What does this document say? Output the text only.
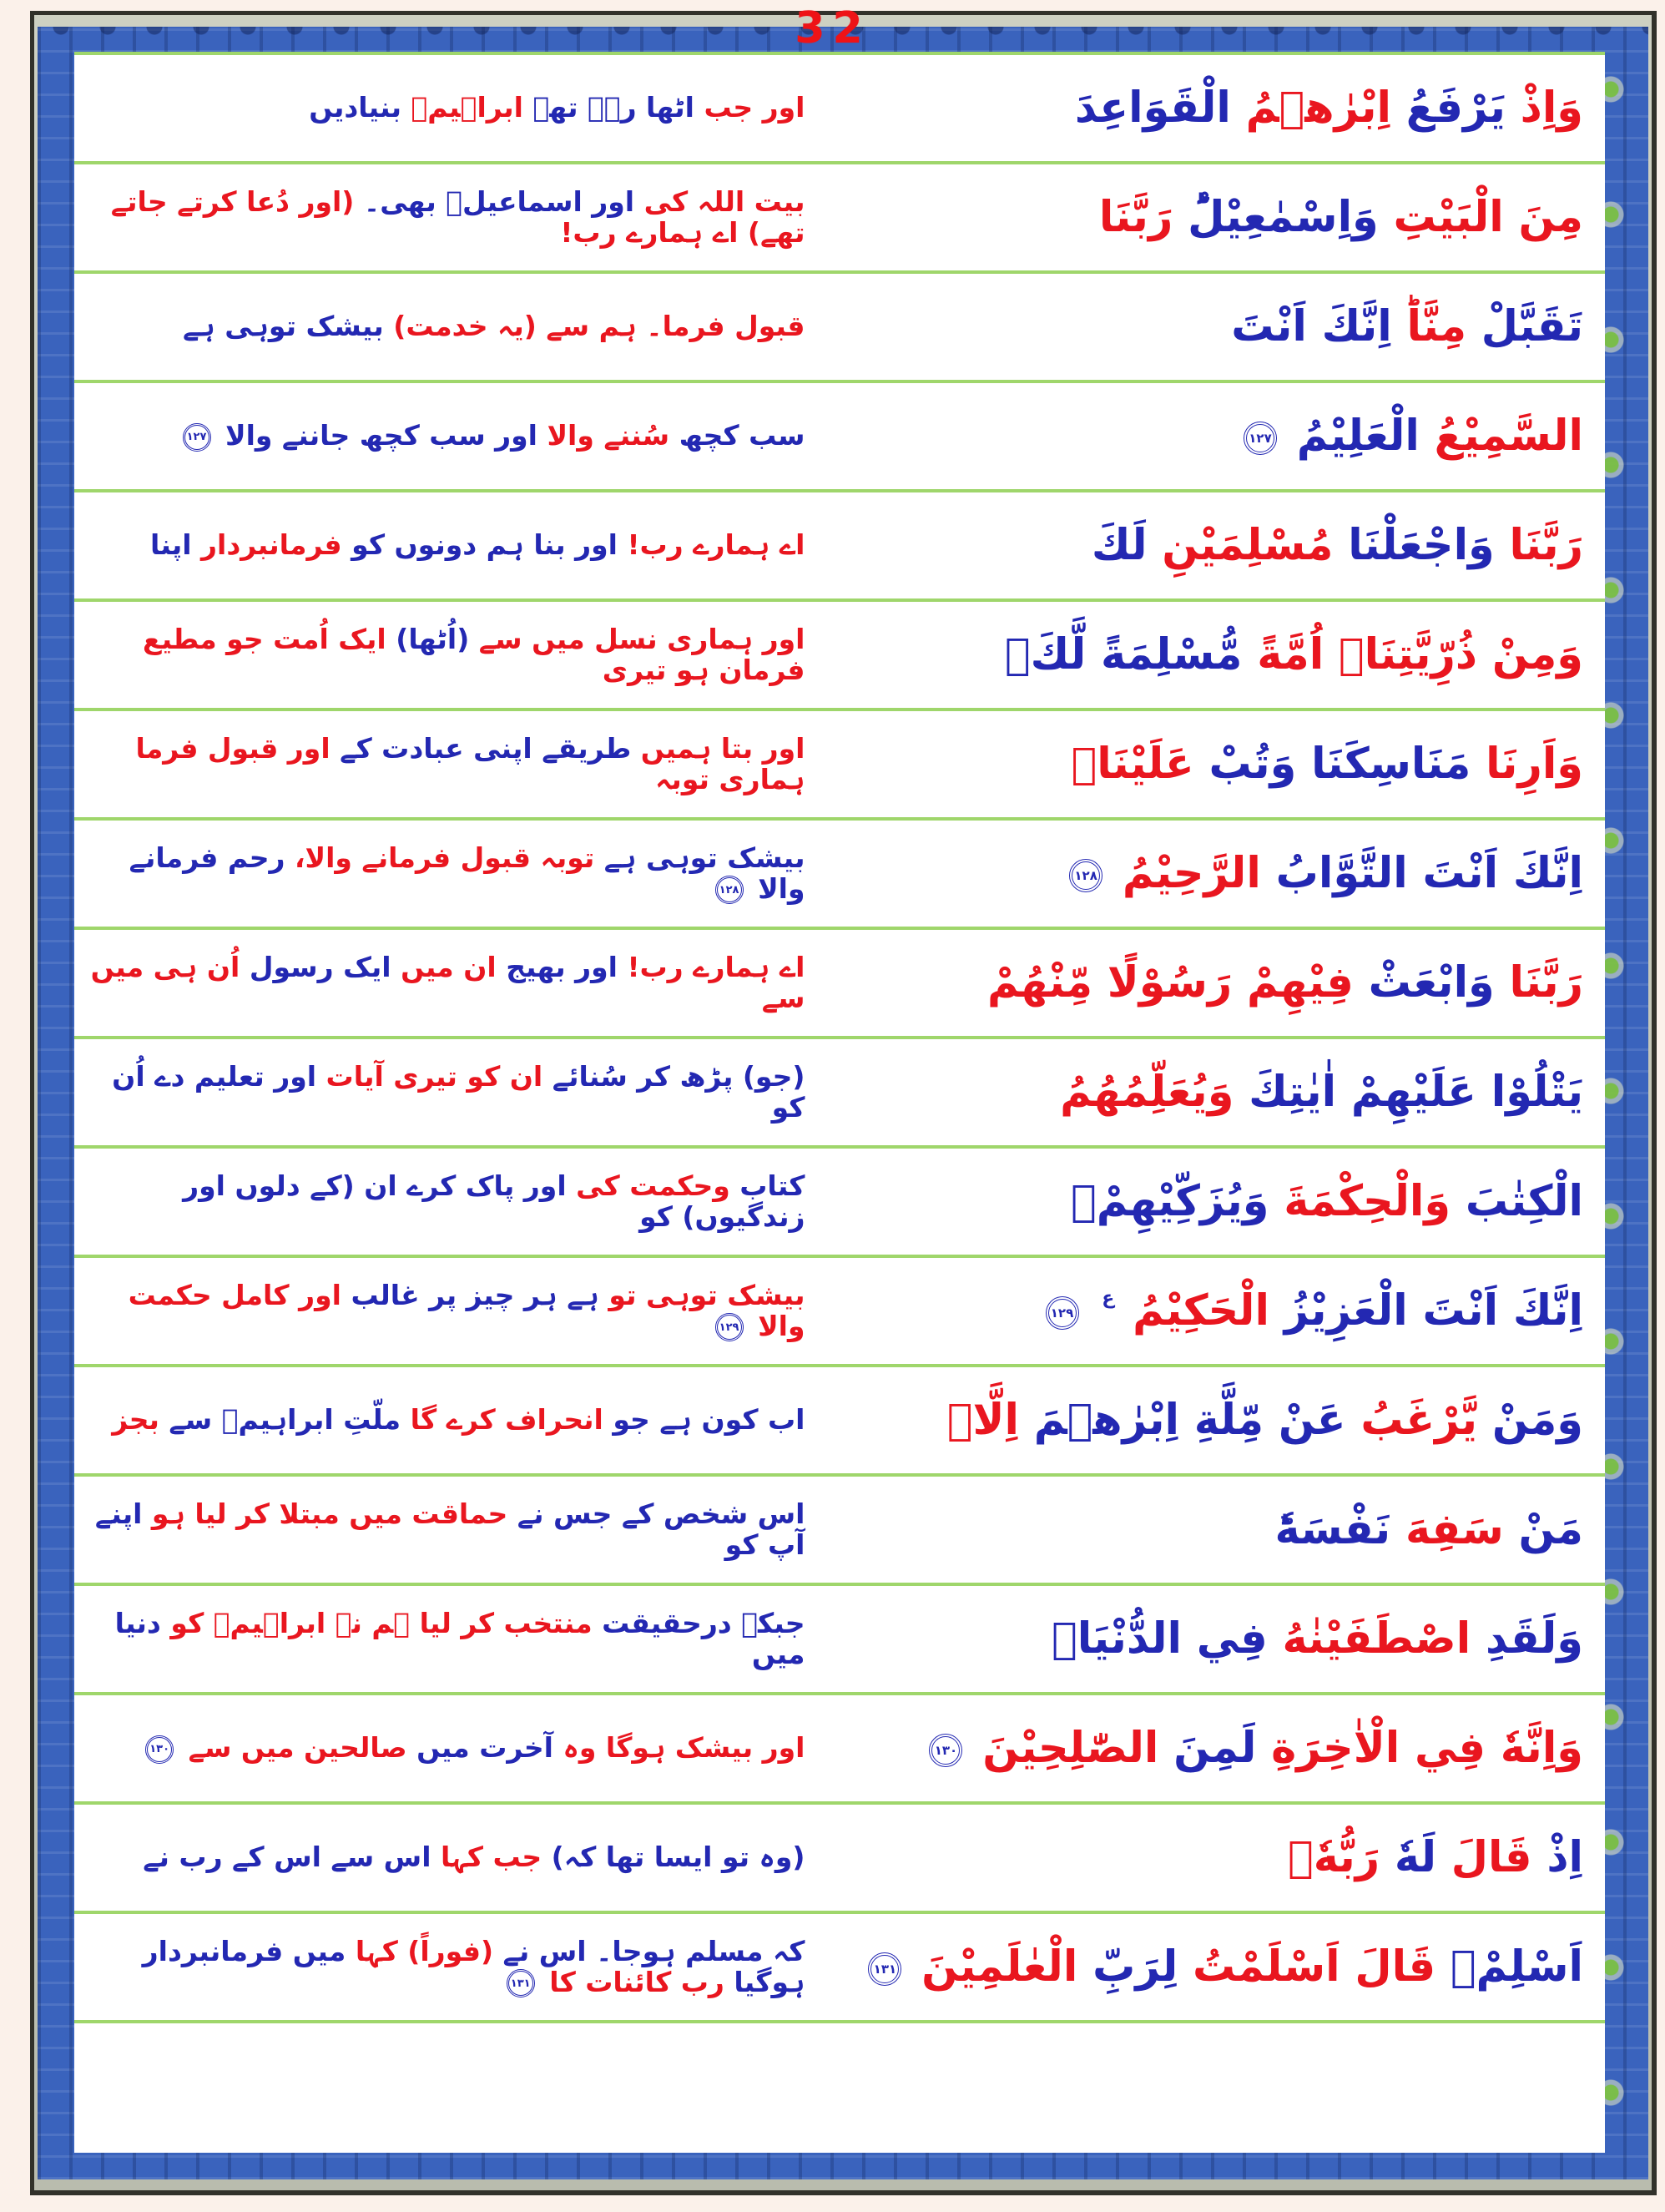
32
اور جب اٹھا رہے تھے ابراہیمؑ بنیادیں	وَاِذْ يَرْفَعُ اِبْرٰهٖمُ الْقَوَاعِدَ
بیت اللہ کی اور اسماعیلؑ بھی۔ (اور دُعا کرتے جاتے تھے) اے ہمارے رب!	مِنَ الْبَيْتِ وَاِسْمٰعِيْلُؕ رَبَّنَا
قبول فرما۔ ہم سے (یہ خدمت) بیشک توہی ہے	تَقَبَّلْ مِنَّاؕ اِنَّكَ اَنْتَ
سب کچھ سُننے والا اور سب کچھ جاننے والا ۱۲۷	السَّمِيْعُ الْعَلِيْمُ ۱۲۷
اے ہمارے رب! اور بنا ہم دونوں کو فرمانبردار اپنا	رَبَّنَا وَاجْعَلْنَا مُسْلِمَيْنِ لَكَ
اور ہماری نسل میں سے (اُٹھا) ایک اُمت جو مطیع فرمان ہو تیری	وَمِنْ ذُرِّيَّتِنَاۤ اُمَّةً مُّسْلِمَةً لَّكَ۪
اور بتا ہمیں طریقے اپنی عبادت کے اور قبول فرما ہماری توبہ	وَاَرِنَا مَنَاسِكَنَا وَتُبْ عَلَيْنَاۚ
بیشک توہی ہے توبہ قبول فرمانے والا، رحم فرمانے والا ۱۲۸	اِنَّكَ اَنْتَ التَّوَّابُ الرَّحِيْمُ ۱۲۸
اے ہمارے رب! اور بھیج ان میں ایک رسول اُن ہی میں سے	رَبَّنَا وَابْعَثْ فِيْهِمْ رَسُوْلًا مِّنْهُمْ
(جو) پڑھ کر سُنائے ان کو تیری آیات اور تعلیم دے اُن کو	يَتْلُوْا عَلَيْهِمْ اٰيٰتِكَ وَيُعَلِّمُهُمُ
کتاب وحکمت کی اور پاک کرے ان (کے دلوں اور زندگیوں) کو	الْكِتٰبَ وَالْحِكْمَةَ وَيُزَكِّيْهِمْۚ
بیشک توہی تو ہے ہر چیز پر غالب اور کامل حکمت والا ۱۲۹	اِنَّكَ اَنْتَ الْعَزِيْزُ الْحَكِيْمُ $^ع$ ۱۲۹
اب کون ہے جو انحراف کرے گا ملّتِ ابراہیمؑ سے بجز	وَمَنْ يَّرْغَبُ عَنْ مِّلَّةِ اِبْرٰهٖمَ اِلَّاۤ
اس شخص کے جس نے حماقت میں مبتلا کر لیا ہو اپنے آپ کو	مَنْ سَفِهَ نَفْسَهٗؕ
جبکہ درحقیقت منتخب کر لیا ہم نے ابراہیمؑ کو دنیا میں	وَلَقَدِ اصْطَفَيْنٰهُ فِي الدُّنْيَاۚ
اور بیشک ہوگا وہ آخرت میں صالحین میں سے ۱۳۰	وَاِنَّهٗ فِي الْاٰخِرَةِ لَمِنَ الصّٰلِحِيْنَ ۱۳۰
(وہ تو ایسا تھا کہ) جب کہا اس سے اس کے رب نے	اِذْ قَالَ لَهٗ رَبُّهٗۤ
کہ مسلم ہوجا۔ اس نے (فوراً) کہا میں فرمانبردار ہوگیا رب کائنات کا ۱۳۱	اَسْلِمْۙ قَالَ اَسْلَمْتُ لِرَبِّ الْعٰلَمِيْنَ ۱۳۱
